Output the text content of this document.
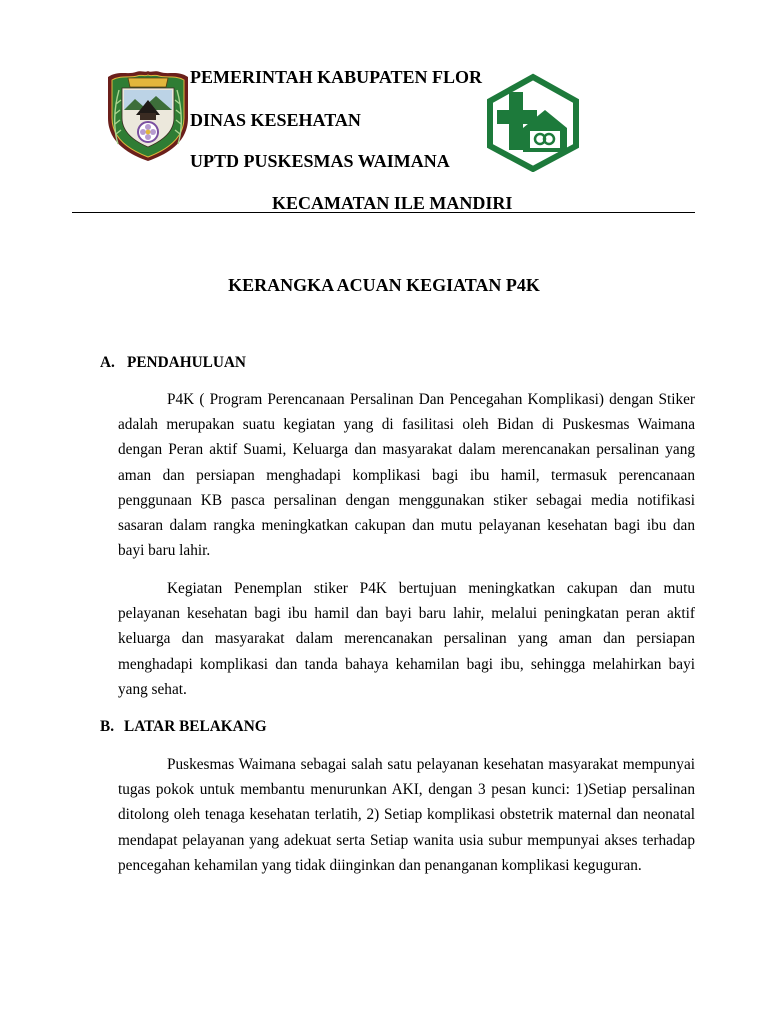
PEMERINTAH KABUPATEN FLOR
DINAS KESEHATAN
UPTD PUSKESMAS WAIMANA
KECAMATAN ILE MANDIRI
KERANGKA ACUAN KEGIATAN P4K
A. PENDAHULUAN
P4K ( Program Perencanaan Persalinan Dan Pencegahan Komplikasi) dengan Stiker
adalah merupakan suatu kegiatan yang di fasilitasi oleh Bidan di Puskesmas Waimana
dengan Peran aktif Suami, Keluarga dan masyarakat dalam merencanakan persalinan yang
aman dan persiapan menghadapi komplikasi bagi ibu hamil, termasuk perencanaan
penggunaan KB pasca persalinan dengan menggunakan stiker sebagai media notifikasi
sasaran dalam rangka meningkatkan cakupan dan mutu pelayanan kesehatan bagi ibu dan
bayi baru lahir.
Kegiatan Penemplan stiker P4K bertujuan meningkatkan cakupan dan mutu
pelayanan kesehatan bagi ibu hamil dan bayi baru lahir, melalui peningkatan peran aktif
keluarga dan masyarakat dalam merencanakan persalinan yang aman dan persiapan
menghadapi komplikasi dan tanda bahaya kehamilan bagi ibu, sehingga melahirkan bayi
yang sehat.
B. LATAR BELAKANG
Puskesmas Waimana sebagai salah satu pelayanan kesehatan masyarakat mempunyai
tugas pokok untuk membantu menurunkan AKI, dengan 3 pesan kunci: 1)Setiap persalinan
ditolong oleh tenaga kesehatan terlatih, 2) Setiap komplikasi obstetrik maternal dan neonatal
mendapat pelayanan yang adekuat serta Setiap wanita usia subur mempunyai akses terhadap
pencegahan kehamilan yang tidak diinginkan dan penanganan komplikasi keguguran.
